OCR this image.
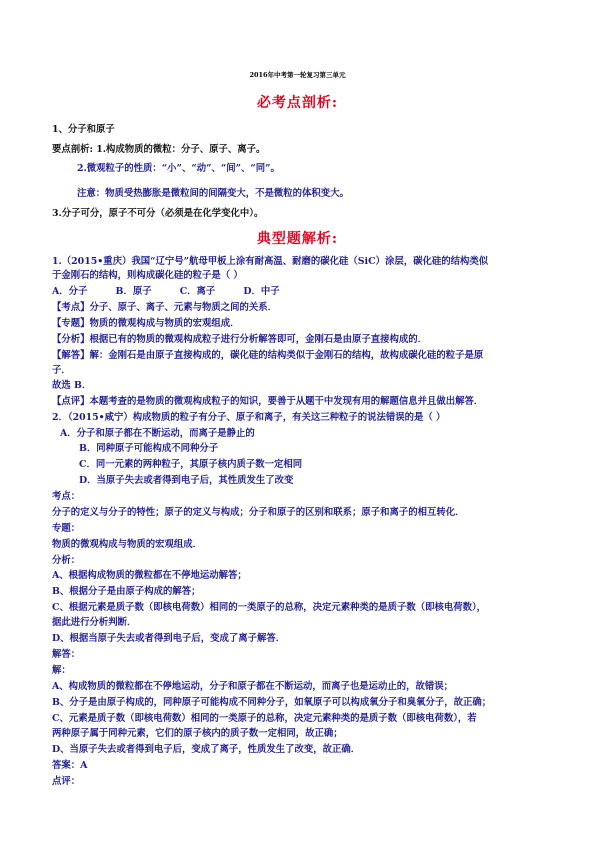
2016年中考第一轮复习第三单元
必考点剖析:
1、分子和原子
要点剖析: 1.构成物质的微粒：分子、原子、离子。
2.微观粒子的性质：“小”、“动”、“间”、“同”。
注意：物质受热膨胀是微粒间的间隔变大，不是微粒的体积变大。
3.分子可分，原子不可分（必须是在化学变化中）。
典型题解析:
1.（2015•重庆）我国“辽宁号”航母甲板上涂有耐高温、耐磨的碳化硅（SiC）涂层，碳化硅的结构类似
于金刚石的结构，则构成碳化硅的粒子是（ ）
A．分子　　　B．原子　　　C．离子　　　D．中子
【考点】分子、原子、离子、元素与物质之间的关系．
【专题】物质的微观构成与物质的宏观组成．
【分析】根据已有的物质的微观构成粒子进行分析解答即可，金刚石是由原子直接构成的．
【解答】解：金刚石是由原子直接构成的，碳化硅的结构类似于金刚石的结构，故构成碳化硅的粒子是原
子．
故选 B．
【点评】本题考查的是物质的微观构成粒子的知识，要善于从题干中发现有用的解题信息并且做出解答．
2．（2015•咸宁）构成物质的粒子有分子、原子和离子，有关这三种粒子的说法错误的是（ ）
A．分子和原子都在不断运动，而离子是静止的
B．同种原子可能构成不同种分子
C．同一元素的两种粒子，其原子核内质子数一定相同
D．当原子失去或者得到电子后，其性质发生了改变
考点：
分子的定义与分子的特性；原子的定义与构成；分子和原子的区别和联系；原子和离子的相互转化．
专题：
物质的微观构成与物质的宏观组成．
分析：
A、根据构成物质的微粒都在不停地运动解答；
B、根据分子是由原子构成的解答；
C、根据元素是质子数（即核电荷数）相同的一类原子的总称，决定元素种类的是质子数（即核电荷数），
据此进行分析判断．
D、根据当原子失去或者得到电子后，变成了离子解答．
解答：
解：
A、构成物质的微粒都在不停地运动，分子和原子都在不断运动，而离子也是运动止的，故错误；
B、分子是由原子构成的，同种原子可能构成不同种分子，如氧原子可以构成氧分子和臭氧分子，故正确；
C、元素是质子数（即核电荷数）相同的一类原子的总称，决定元素种类的是质子数（即核电荷数），若
两种原子属于同种元素，它们的原子核内的质子数一定相同，故正确；
D、当原子失去或者得到电子后，变成了离子，性质发生了改变，故正确．
答案：A
点评：
